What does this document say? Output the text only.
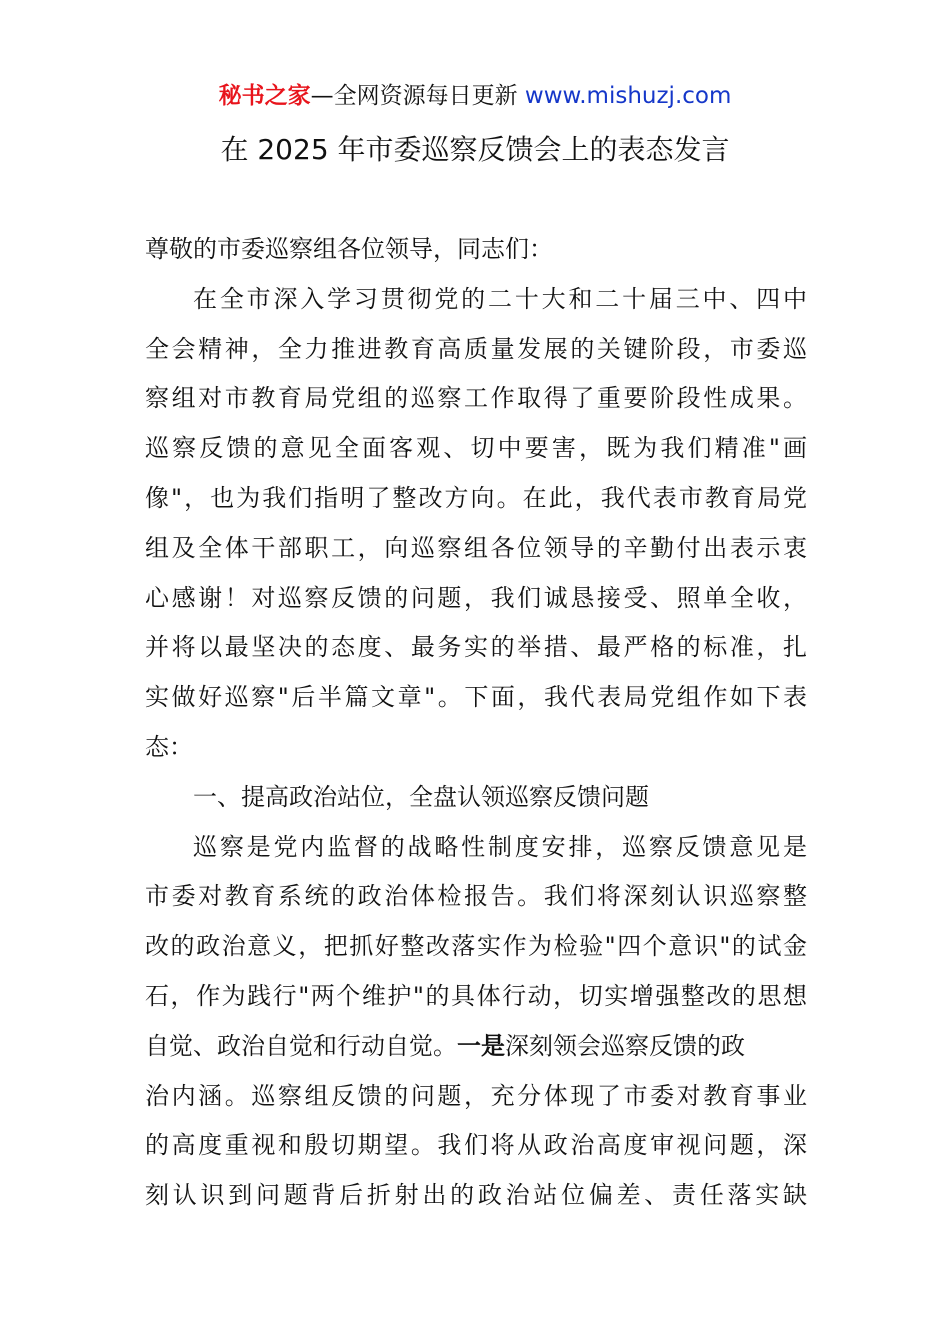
秘书之家—全网资源每日更新 www.mishuzj.com
在 2025 年市委巡察反馈会上的表态发言
尊敬的市委巡察组各位领导，同志们：
在全市深入学习贯彻党的二十大和二十届三中、四中
全会精神，全力推进教育高质量发展的关键阶段，市委巡
察组对市教育局党组的巡察工作取得了重要阶段性成果。
巡察反馈的意见全面客观、切中要害，既为我们精准"画
像"，也为我们指明了整改方向。在此，我代表市教育局党
组及全体干部职工，向巡察组各位领导的辛勤付出表示衷
心感谢！对巡察反馈的问题，我们诚恳接受、照单全收，
并将以最坚决的态度、最务实的举措、最严格的标准，扎
实做好巡察"后半篇文章"。下面，我代表局党组作如下表
态：
一、提高政治站位，全盘认领巡察反馈问题
巡察是党内监督的战略性制度安排，巡察反馈意见是
市委对教育系统的政治体检报告。我们将深刻认识巡察整
改的政治意义，把抓好整改落实作为检验"四个意识"的试金
石，作为践行"两个维护"的具体行动，切实增强整改的思想
自觉、政治自觉和行动自觉。一是深刻领会巡察反馈的政
治内涵。巡察组反馈的问题，充分体现了市委对教育事业
的高度重视和殷切期望。我们将从政治高度审视问题，深
刻认识到问题背后折射出的政治站位偏差、责任落实缺
